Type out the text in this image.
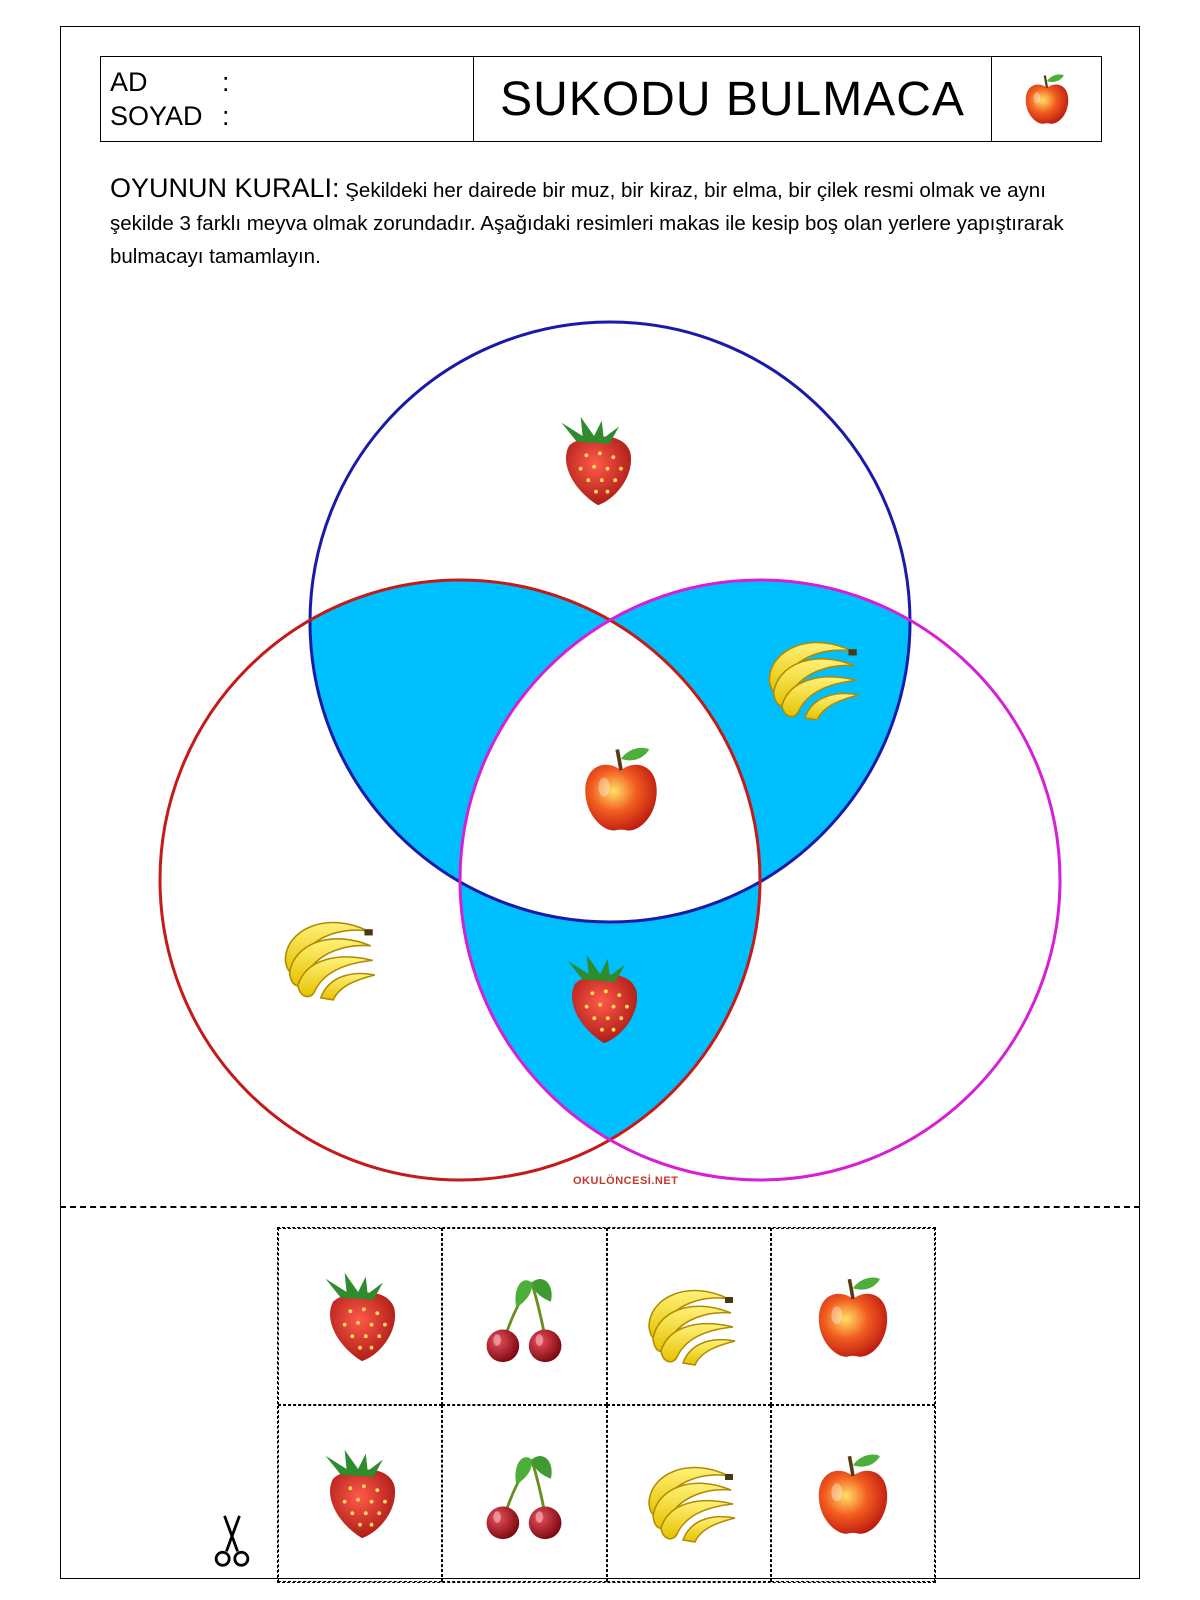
AD	:
SOYAD :	SUKODU BULMACA
OYUNUN KURALI: Şekildeki her dairede bir muz, bir kiraz, bir elma, bir çilek resmi olmak ve aynı şekilde 3 farklı meyva olmak zorundadır. Aşağıdaki resimleri makas ile kesip boş olan yerlere yapıştırarak bulmacayı tamamlayın.
OKULÖNCESİ.NET
